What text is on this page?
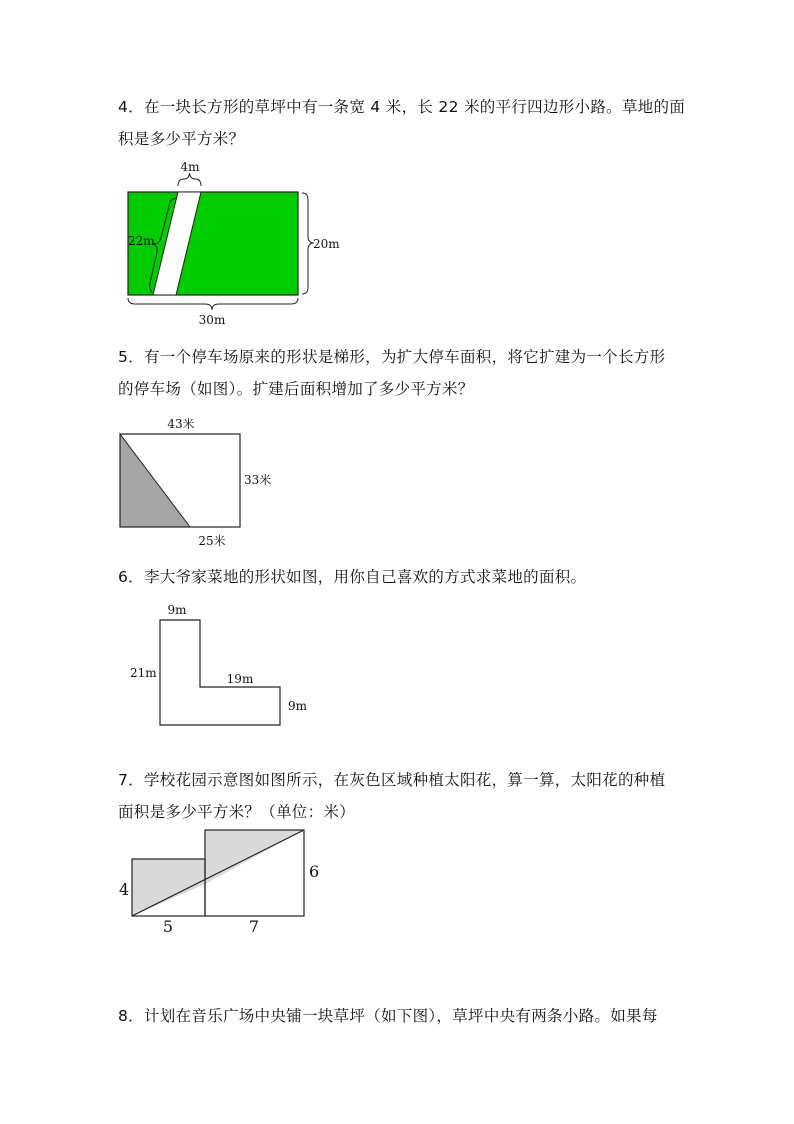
4．在一块长方形的草坪中有一条宽 4 米，长 22 米的平行四边形小路。草地的面
积是多少平方米？
4m
22m	20m
30m
5．有一个停车场原来的形状是梯形，为扩大停车面积，将它扩建为一个长方形
的停车场（如图）。扩建后面积增加了多少平方米？
43米
33米
25米
6．李大爷家菜地的形状如图，用你自己喜欢的方式求菜地的面积。
9m
21m	19m
9m
7．学校花园示意图如图所示，在灰色区域种植太阳花，算一算，太阳花的种植
面积是多少平方米？（单位：米）
4
6
5	7
8．计划在音乐广场中央铺一块草坪（如下图），草坪中央有两条小路。如果每
